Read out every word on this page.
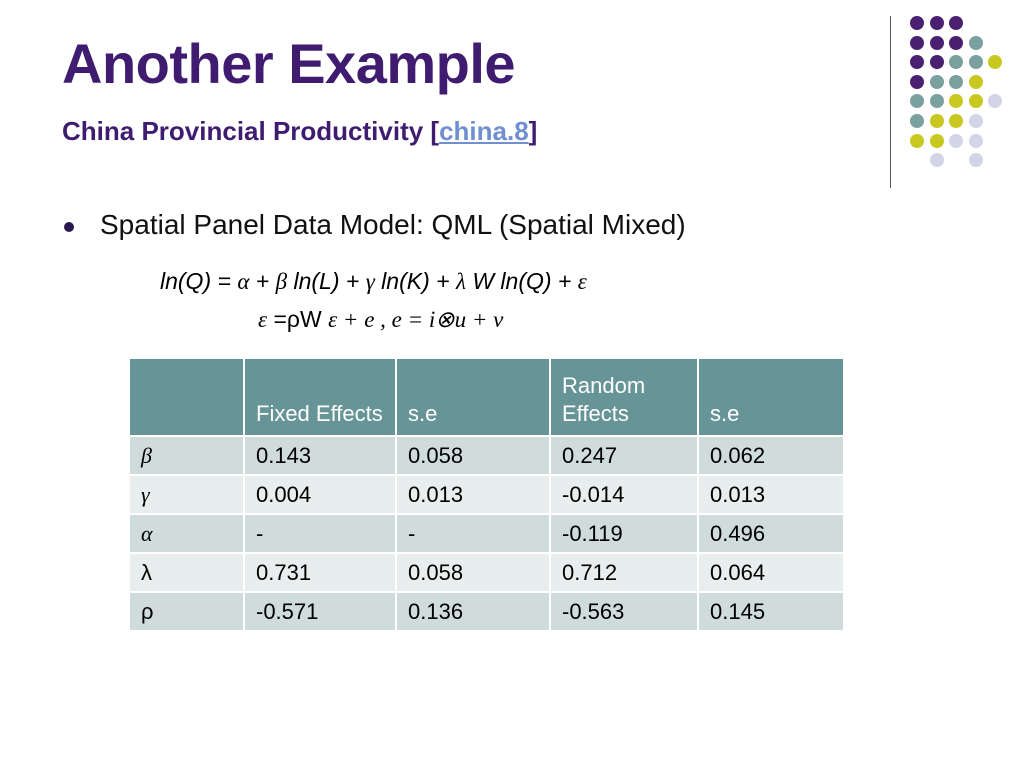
Another Example
China Provincial Productivity [china.8]
Spatial Panel Data Model: QML (Spatial Mixed)
ln(Q) = α + β ln(L) + γ ln(K) + λ W ln(Q) + ε
ε =ρW ε + e , e = i⊗u + v
	Fixed Effects	s.e	Random Effects	s.e
β	0.143	0.058	0.247	0.062
γ	0.004	0.013	-0.014	0.013
α	-	-	-0.119	0.496
λ	0.731	0.058	0.712	0.064
ρ	-0.571	0.136	-0.563	0.145
